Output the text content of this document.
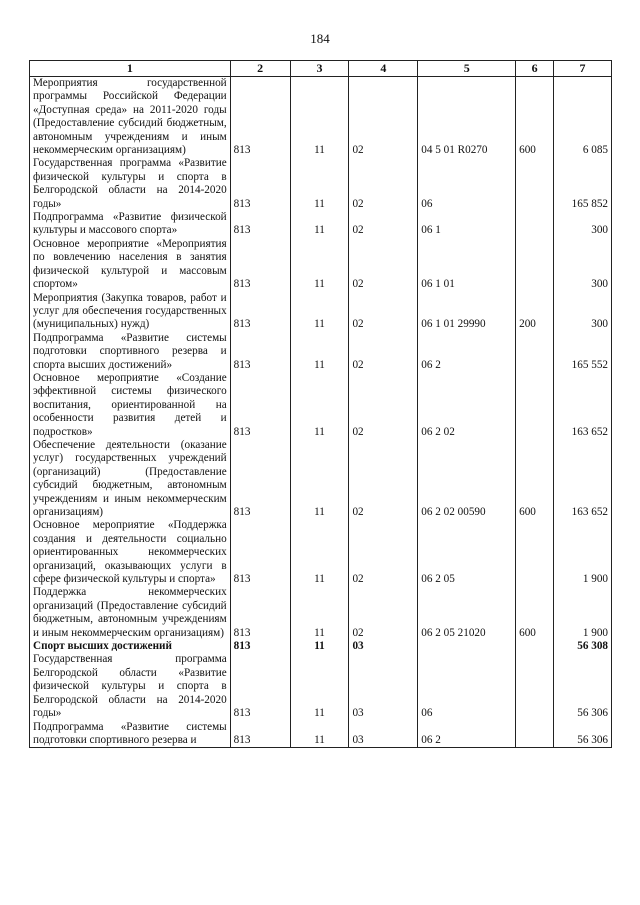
184
1	2	3	4	5	6	7
Мероприятия государственной программы Российской Федерации «Доступная среда» на 2011-2020 годы (Предоставление субсидий бюджетным, автономным учреждениям и иным некоммерческим организациям)	813	11	02	04 5 01 R0270	600	6 085
Государственная программа «Развитие физической культуры и спорта в Белгородской области на 2014-2020 годы»	813	11	02	06		165 852
Подпрограмма «Развитие физической культуры и массового спорта»	813	11	02	06 1		300
Основное мероприятие «Мероприятия по вовлечению населения в занятия физической культурой и массовым спортом»	813	11	02	06 1 01		300
Мероприятия (Закупка товаров, работ и услуг для обеспечения государственных (муниципальных) нужд)	813	11	02	06 1 01 29990	200	300
Подпрограмма «Развитие системы подготовки спортивного резерва и спорта высших достижений»	813	11	02	06 2		165 552
Основное мероприятие «Создание эффективной системы физического воспитания, ориентированной на особенности развития детей и подростков»	813	11	02	06 2 02		163 652
Обеспечение деятельности (оказание услуг) государственных учреждений (организаций) (Предоставление субсидий бюджетным, автономным учреждениям и иным некоммерческим организациям)	813	11	02	06 2 02 00590	600	163 652
Основное мероприятие «Поддержка создания и деятельности социально ориентированных некоммерческих организаций, оказывающих услуги в сфере физической культуры и спорта»	813	11	02	06 2 05		1 900
Поддержка некоммерческих организаций (Предоставление субсидий бюджетным, автономным учреждениям и иным некоммерческим организациям)	813	11	02	06 2 05 21020	600	1 900
Спорт высших достижений	813	11	03			56 308
Государственная программа Белгородской области «Развитие физической культуры и спорта в Белгородской области на 2014-2020 годы»	813	11	03	06		56 306
Подпрограмма «Развитие системы подготовки спортивного резерва и	813	11	03	06 2		56 306
